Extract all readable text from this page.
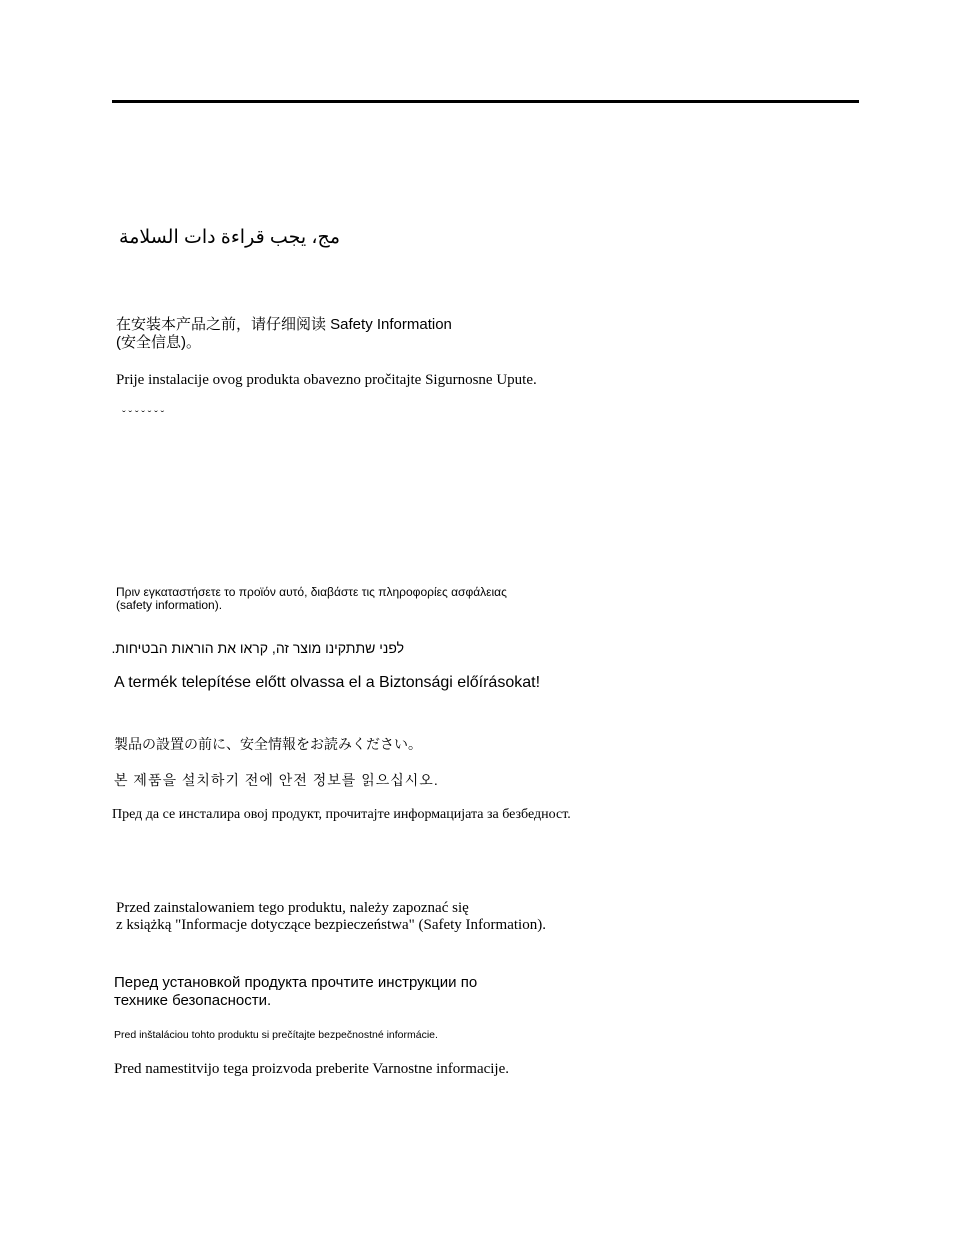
مج، يجب قراءة دات السلامة

在安装本产品之前，请仔细阅读 Safety Information

(安全信息)。

Prije instalacije ovog produkta obavezno pročitajte Sigurnosne Upute.

ˇ ˇ ˇ ˇ ˇ ˇ ˇ

Πριν εγκαταστήσετε το προϊόν αυτό, διαβάστε τις πληροφορίες ασφάλειας

(safety information).

לפני שתתקינו מוצר זה, קראו את הוראות הבטיחות.

A termék telepítése előtt olvassa el a Biztonsági előírásokat!

製品の設置の前に、安全情報をお読みください。

본 제품을 설치하기 전에 안전 정보를 읽으십시오.

Пред да се инсталира овој продукт, прочитајте информацијата за безбедност.

Przed zainstalowaniem tego produktu, należy zapoznać się

z książką "Informacje dotyczące bezpieczeństwa" (Safety Information).

Перед установкой продукта прочтите инструкции по

технике безопасности.

Pred inštaláciou tohto produktu si prečítajte bezpečnostné informácie.

Pred namestitvijo tega proizvoda preberite Varnostne informacije.
